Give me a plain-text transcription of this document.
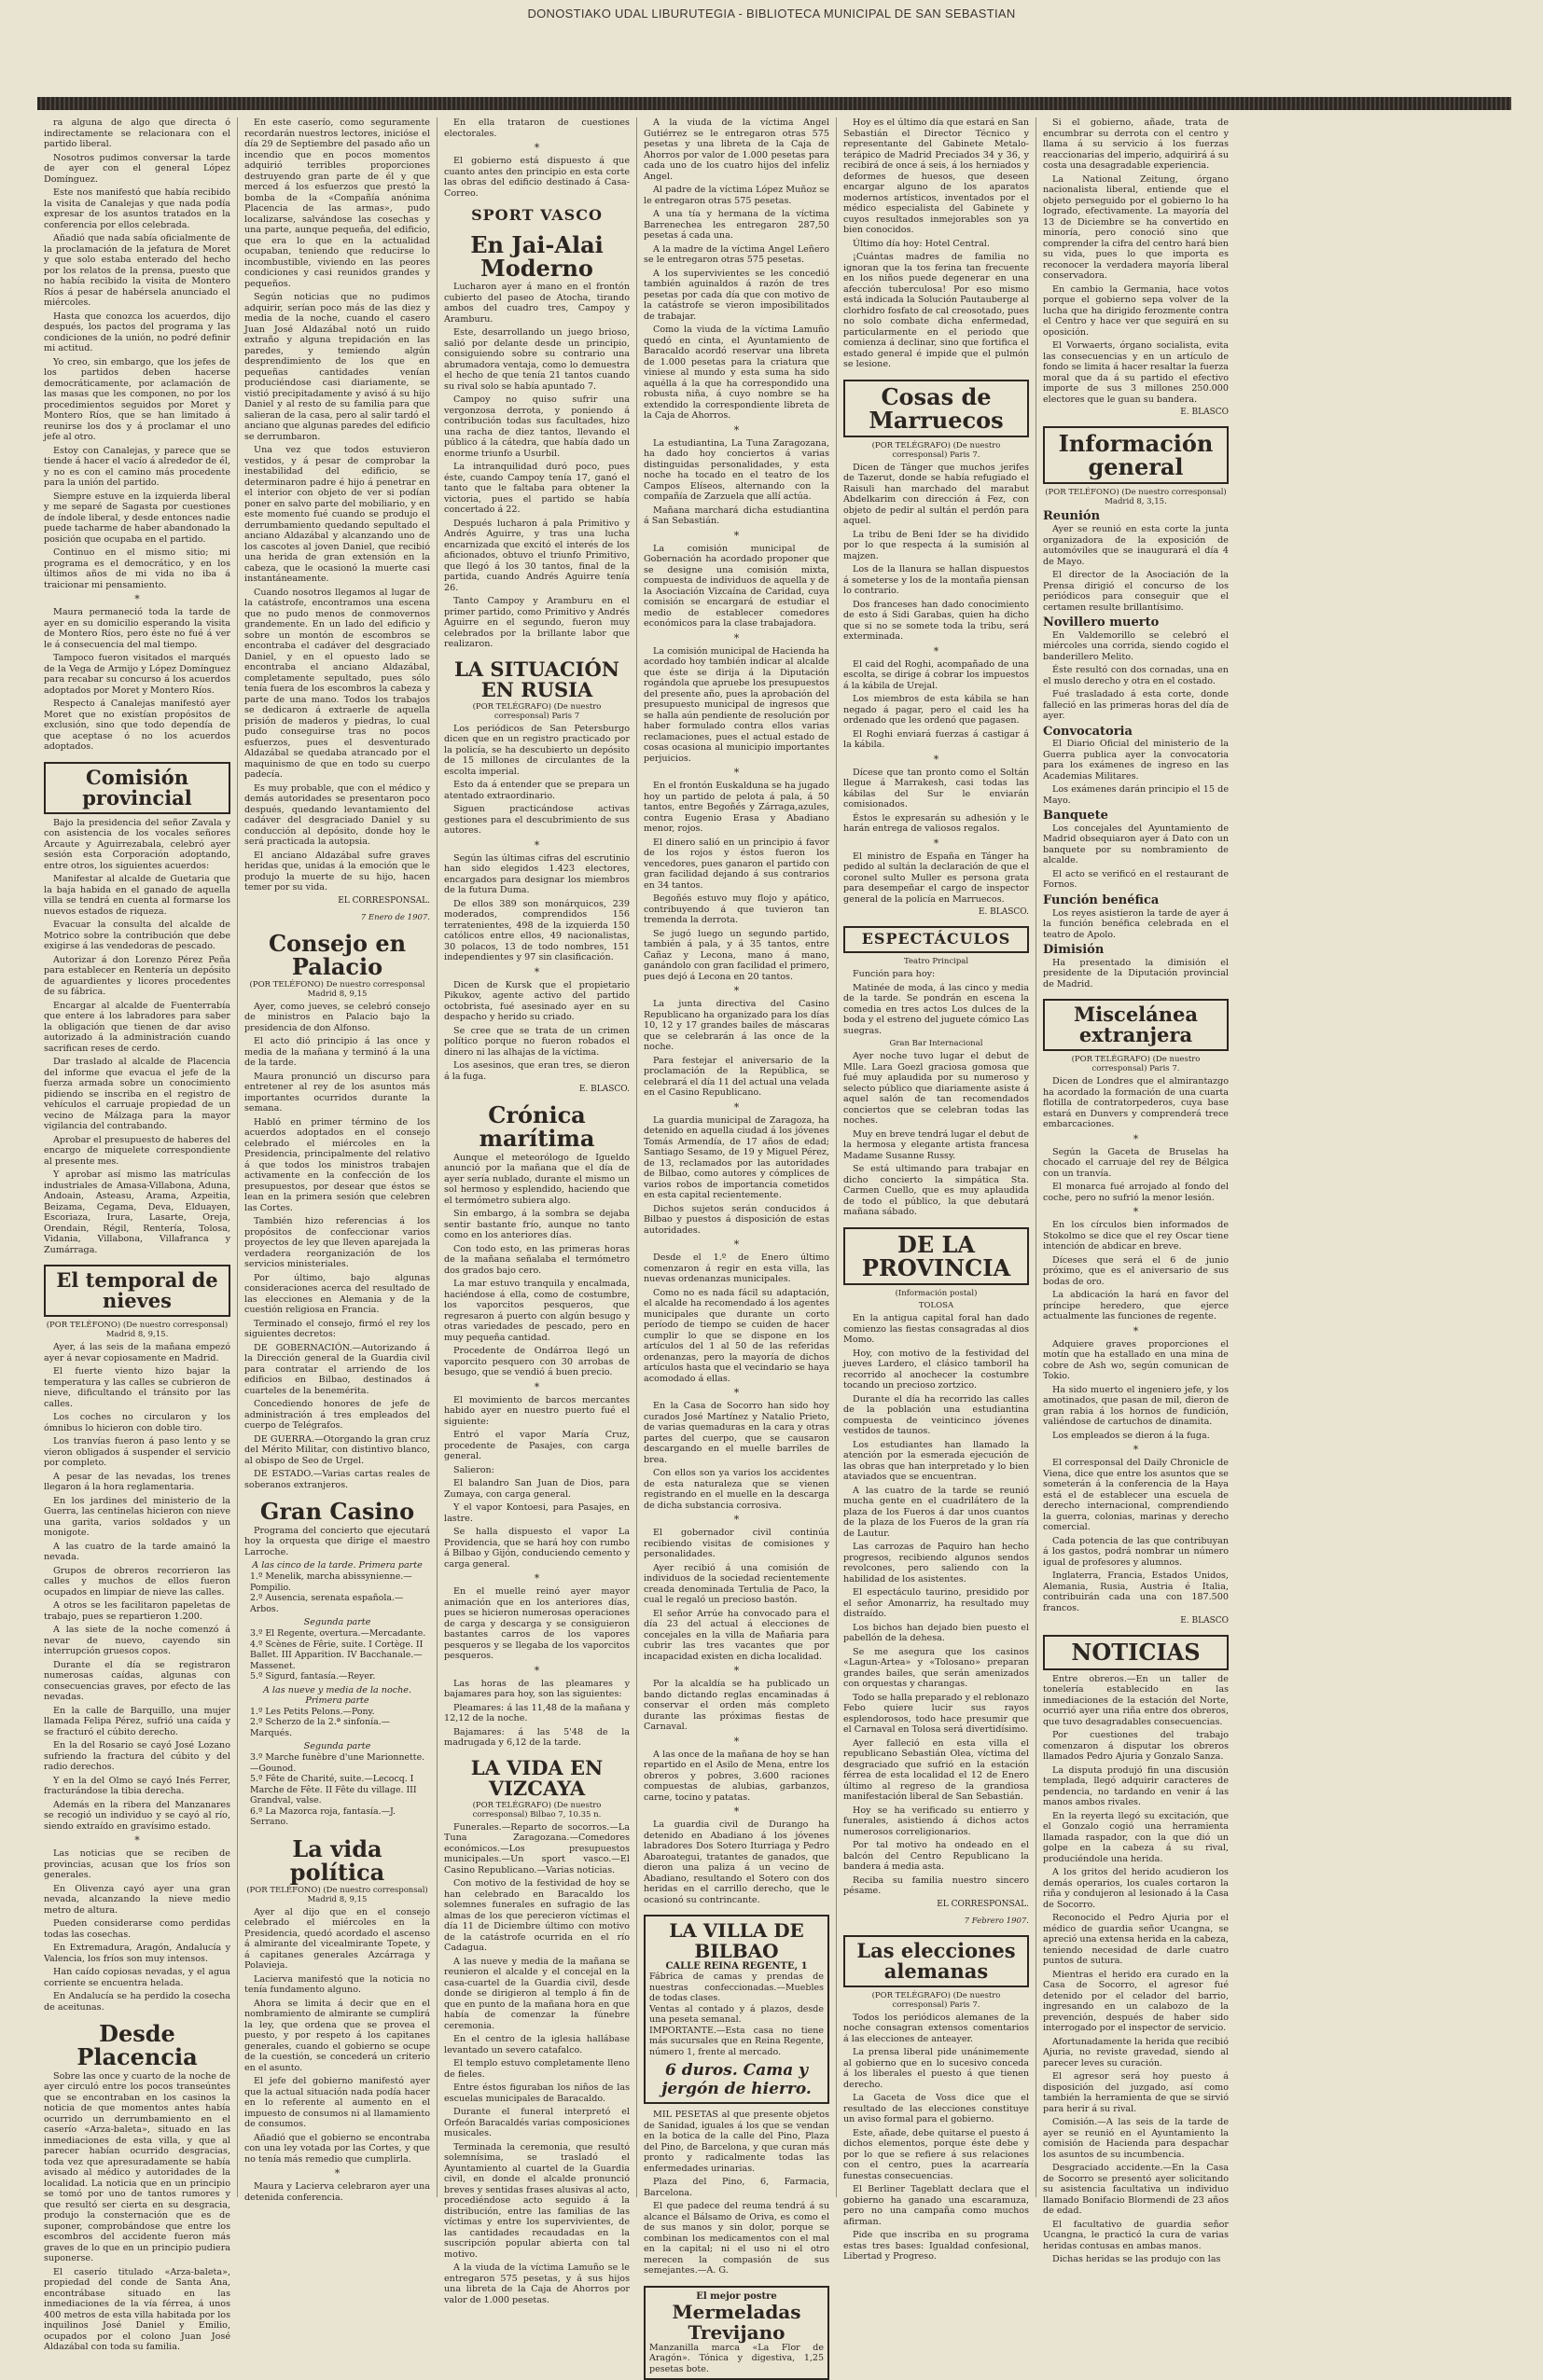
DONOSTIAKO UDAL LIBURUTEGIA - BIBLIOTECA MUNICIPAL DE SAN SEBASTIAN

ra alguna de algo que directa ó indirectamente se relacionara con el partido liberal.

Nosotros pudimos conversar la tarde de ayer con el general López Domínguez.

Este nos manifestó que había recibido la visita de Canalejas y que nada podía expresar de los asuntos tratados en la conferencia por ellos celebrada.

Añadió que nada sabía oficialmente de la proclamación de la jefatura de Moret y que solo estaba enterado del hecho por los relatos de la prensa, puesto que no había recibido la visita de Montero Ríos á pesar de habérsela anunciado el miércoles.

Hasta que conozca los acuerdos, dijo después, los pactos del programa y las condiciones de la unión, no podré definir mi actitud.

Yo creo, sin embargo, que los jefes de los partidos deben hacerse democráticamente, por aclamación de las masas que les componen, no por los procedimientos seguidos por Moret y Montero Ríos, que se han limitado á reunirse los dos y á proclamar el uno jefe al otro.

Estoy con Canalejas, y parece que se tiende á hacer el vacío á alrededor de él, y no es con el camino más procedente para la unión del partido.

Siempre estuve en la izquierda liberal y me separé de Sagasta por cuestiones de índole liberal, y desde entonces nadie puede tacharme de haber abandonado la posición que ocupaba en el partido.

Continuo en el mismo sitio; mi programa es el democrático, y en los últimos años de mi vida no iba á traicionar mi pensamiento.

*

Maura permaneció toda la tarde de ayer en su domicilio esperando la visita de Montero Ríos, pero éste no fué á ver le á consecuencia del mal tiempo.

Tampoco fueron visitados el marqués de la Vega de Armijo y López Domínguez para recabar su concurso á los acuerdos adoptados por Moret y Montero Ríos.

Respecto á Canalejas manifestó ayer Moret que no existían propósitos de exclusión, sino que todo dependía de que aceptase ó no los acuerdos adoptados.

Comisión provincial

Bajo la presidencia del señor Zavala y con asistencia de los vocales señores Arcaute y Aguirrezabala, celebró ayer sesión esta Corporación adoptando, entre otros, los siguientes acuerdos:

Manifestar al alcalde de Guetaria que la baja habida en el ganado de aquella villa se tendrá en cuenta al formarse los nuevos estados de riqueza.

Evacuar la consulta del alcalde de Motrico sobre la contribución que debe exigirse á las vendedoras de pescado.

Autorizar á don Lorenzo Pérez Peña para establecer en Rentería un depósito de aguardientes y licores procedentes de su fábrica.

Encargar al alcalde de Fuenterrabía que entere á los labradores para saber la obligación que tienen de dar aviso autorizado á la administración cuando sacrifican reses de cerdo.

Dar traslado al alcalde de Placencia del informe que evacua el jefe de la fuerza armada sobre un conocimiento pidiendo se inscriba en el registro de vehículos el carruaje propiedad de un vecino de Málzaga para la mayor vigilancia del contrabando.

Aprobar el presupuesto de haberes del encargo de miquelete correspondiente al presente mes.

Y aprobar así mismo las matrículas industriales de Amasa-Villabona, Aduna, Andoain, Asteasu, Arama, Azpeitia, Beizama, Cegama, Deva, Elduayen, Escoriaza, Irura, Lasarte, Oreja, Orendain, Régil, Rentería, Tolosa, Vidania, Villabona, Villafranca y Zumárraga.

El temporal de nieves
(POR TELÉFONO) (De nuestro corresponsal) Madrid 8, 9,15.

Ayer, á las seis de la mañana empezó ayer á nevar copiosamente en Madrid.

El fuerte viento hizo bajar la temperatura y las calles se cubrieron de nieve, dificultando el tránsito por las calles.

Los coches no circularon y los ómnibus lo hicieron con doble tiro.

Los tranvías fueron á paso lento y se vieron obligados á suspender el servicio por completo.

A pesar de las nevadas, los trenes llegaron á la hora reglamentaria.

En los jardines del ministerio de la Guerra, las centinelas hicieron con nieve una garita, varios soldados y un monigote.

A las cuatro de la tarde amainó la nevada.

Grupos de obreros recorrieron las calles y muchos de ellos fueron ocupados en limpiar de nieve las calles.

A otros se les facilitaron papeletas de trabajo, pues se repartieron 1.200.

A las siete de la noche comenzó á nevar de nuevo, cayendo sin interrupción gruesos copos.

Durante el día se registraron numerosas caídas, algunas con consecuencias graves, por efecto de las nevadas.

En la calle de Barquillo, una mujer llamada Felipa Pérez, sufrió una caída y se fracturó el cúbito derecho.

En la del Rosario se cayó José Lozano sufriendo la fractura del cúbito y del radio derechos.

Y en la del Olmo se cayó Inés Ferrer, fracturándose la tibia derecha.

Además en la ribera del Manzanares se recogió un individuo y se cayó al río, siendo extraído en gravísimo estado.

*

Las noticias que se reciben de provincias, acusan que los fríos son generales.

En Olivenza cayó ayer una gran nevada, alcanzando la nieve medio metro de altura.

Pueden considerarse como perdidas todas las cosechas.

En Extremadura, Aragón, Andalucía y Valencia, los fríos son muy intensos.

Han caído copiosas nevadas, y el agua corriente se encuentra helada.

En Andalucía se ha perdido la cosecha de aceitunas.

Desde Placencia

Sobre las once y cuarto de la noche de ayer circuló entre los pocos transeúntes que se encontraban en los casinos la noticia de que momentos antes había ocurrido un derrumbamiento en el caserío «Arza-baleta», situado en las inmediaciones de esta villa, y que al parecer habían ocurrido desgracias, toda vez que apresuradamente se había avisado al médico y autoridades de la localidad. La noticia que en un principio se tomó por uno de tantos rumores y que resultó ser cierta en su desgracia, produjo la consternación que es de suponer, comprobándose que entre los escombros del accidente fueron más graves de lo que en un principio pudiera suponerse.

El caserío titulado «Arza-baleta», propiedad del conde de Santa Ana, encontrábase situado en las inmediaciones de la vía férrea, á unos 400 metros de esta villa habitada por los inquilinos José Daniel y Emilio, ocupados por el colono Juan José Aldazábal con toda su familia.

En este caserío, como seguramente recordarán nuestros lectores, inicióse el día 29 de Septiembre del pasado año un incendio que en pocos momentos adquirió terribles proporciones destruyendo gran parte de él y que merced á los esfuerzos que prestó la bomba de la «Compañía anónima Placencia de las armas», pudo localizarse, salvándose las cosechas y una parte, aunque pequeña, del edificio, que era lo que en la actualidad ocupaban, teniendo que reducirse lo incombustible, viviendo en las peores condiciones y casi reunidos grandes y pequeños.

Según noticias que no pudimos adquirir, serían poco más de las diez y media de la noche, cuando el casero Juan José Aldazábal notó un ruido extraño y alguna trepidación en las paredes, y temiendo algún desprendimiento de los que en pequeñas cantidades venían produciéndose casi diariamente, se vistió precipitadamente y avisó á su hijo Daniel y al resto de su familia para que salieran de la casa, pero al salir tardó el anciano que algunas paredes del edificio se derrumbaron.

Una vez que todos estuvieron vestidos, y á pesar de comprobar la inestabilidad del edificio, se determinaron padre é hijo á penetrar en el interior con objeto de ver si podían poner en salvo parte del mobiliario, y en este momento fué cuando se produjo el derrumbamiento quedando sepultado el anciano Aldazábal y alcanzando uno de los cascotes al joven Daniel, que recibió una herida de gran extensión en la cabeza, que le ocasionó la muerte casi instantáneamente.

Cuando nosotros llegamos al lugar de la catástrofe, encontramos una escena que no pudo menos de conmovernos grandemente. En un lado del edificio y sobre un montón de escombros se encontraba el cadáver del desgraciado Daniel, y en el opuesto lado se encontraba el anciano Aldazábal, completamente sepultado, pues sólo tenía fuera de los escombros la cabeza y parte de una mano. Todos los trabajos se dedicaron á extraerle de aquella prisión de maderos y piedras, lo cual pudo conseguirse tras no pocos esfuerzos, pues el desventurado Aldazábal se quedaba atrancado por el maquinismo de que en todo su cuerpo padecía.

Es muy probable, que con el médico y demás autoridades se presentaron poco después, quedando levantamiento del cadáver del desgraciado Daniel y su conducción al depósito, donde hoy le será practicada la autopsia.

El anciano Aldazábal sufre graves heridas que, unidas á la emoción que le produjo la muerte de su hijo, hacen temer por su vida.

EL CORRESPONSAL.
7 Enero de 1907.
Consejo en Palacio
(POR TELÉFONO) De nuestro corresponsal Madrid 8, 9,15

Ayer, como jueves, se celebró consejo de ministros en Palacio bajo la presidencia de don Alfonso.

El acto dió principio á las once y media de la mañana y terminó á la una de la tarde.

Maura pronunció un discurso para entretener al rey de los asuntos más importantes ocurridos durante la semana.

Habló en primer término de los acuerdos adoptados en el consejo celebrado el miércoles en la Presidencia, principalmente del relativo á que todos los ministros trabajen activamente en la confección de los presupuestos, por desear que éstos se lean en la primera sesión que celebren las Cortes.

También hizo referencias á los propósitos de confeccionar varios proyectos de ley que lleven aparejada la verdadera reorganización de los servicios ministeriales.

Por último, bajo algunas consideraciones acerca del resultado de las elecciones en Alemania y de la cuestión religiosa en Francia.

Terminado el consejo, firmó el rey los siguientes decretos:

DE GOBERNACIÓN.—Autorizando á la Dirección general de la Guardia civil para contratar el arriendo de los edificios en Bilbao, destinados á cuarteles de la benemérita.

Concediendo honores de jefe de administración á tres empleados del cuerpo de Telégrafos.

DE GUERRA.—Otorgando la gran cruz del Mérito Militar, con distintivo blanco, al obispo de Seo de Urgel.

DE ESTADO.—Varias cartas reales de soberanos extranjeros.

Gran Casino

Programa del concierto que ejecutará hoy la orquesta que dirige el maestro Larroche.

A las cinco de la tarde. Primera parte
1.º Menelik, marcha abissynienne.—Pompilio.
2.º Ausencia, serenata española.—Arbos.
Segunda parte
3.º El Regente, overtura.—Mercadante.
4.º Scènes de Fêrie, suite. I Cortège. II Ballet. III Apparition. IV Bacchanale.—Massenet.
5.º Sigurd, fantasía.—Reyer.
A las nueve y media de la noche. Primera parte
1.º Les Petits Pelons.—Pony.
2.º Scherzo de la 2.ª sinfonía.—Marqués.
Segunda parte
3.º Marche funèbre d'une Marionnette.—Gounod.
5.º Fête de Charité, suite.—Lecocq. I Marche de Fête. II Fête du village. III Grandval, valse.
6.º La Mazorca roja, fantasía.—J. Serrano.
La vida política
(POR TELÉFONO) (De nuestro corresponsal) Madrid 8, 9,15

Ayer al dijo que en el consejo celebrado el miércoles en la Presidencia, quedó acordado el ascenso á almirante del vicealmirante Topete, y á capitanes generales Azcárraga y Polavieja.

Lacierva manifestó que la noticia no tenía fundamento alguno.

Ahora se limita á decir que en el nombramiento de almirante se cumplirá la ley, que ordena que se provea el puesto, y por respeto á los capitanes generales, cuando el gobierno se ocupe de la cuestión, se concederá un criterio en el asunto.

El jefe del gobierno manifestó ayer que la actual situación nada podía hacer en lo referente al aumento en el impuesto de consumos ni al llamamiento de consumos.

Añadió que el gobierno se encontraba con una ley votada por las Cortes, y que no tenía más remedio que cumplirla.

*

Maura y Lacierva celebraron ayer una detenida conferencia.

En ella trataron de cuestiones electorales.

*

El gobierno está dispuesto á que cuanto antes den principio en esta corte las obras del edificio destinado á Casa-Correo.

SPORT VASCO
En Jai-Alai Moderno

Lucharon ayer á mano en el frontón cubierto del paseo de Atocha, tirando ambos del cuadro tres, Campoy y Aramburu.

Este, desarrollando un juego brioso, salió por delante desde un principio, consiguiendo sobre su contrario una abrumadora ventaja, como lo demuestra el hecho de que tenía 21 tantos cuando su rival solo se había apuntado 7.

Campoy no quiso sufrir una vergonzosa derrota, y poniendo á contribución todas sus facultades, hizo una racha de diez tantos, llevando el público á la cátedra, que había dado un enorme triunfo a Usurbil.

La intranquilidad duró poco, pues éste, cuando Campoy tenía 17, ganó el tanto que le faltaba para obtener la victoria, pues el partido se había concertado á 22.

Después lucharon á pala Primitivo y Andrés Aguirre, y tras una lucha encarnizada que excitó el interés de los aficionados, obtuvo el triunfo Primitivo, que llegó á los 30 tantos, final de la partida, cuando Andrés Aguirre tenía 26.

Tanto Campoy y Aramburu en el primer partido, como Primitivo y Andrés Aguirre en el segundo, fueron muy celebrados por la brillante labor que realizaron.

LA SITUACIÓN EN RUSIA
(POR TELÉGRAFO) (De nuestro corresponsal) Paris 7

Los periódicos de San Petersburgo dicen que en un registro practicado por la policía, se ha descubierto un depósito de 15 millones de circulantes de la escolta imperial.

Esto da á entender que se prepara un atentado extraordinario.

Siguen practicándose activas gestiones para el descubrimiento de sus autores.

*

Según las últimas cifras del escrutinio han sido elegidos 1.423 electores, encargados para designar los miembros de la futura Duma.

De ellos 389 son monárquicos, 239 moderados, comprendidos 156 terratenientes, 498 de la izquierda 150 católicos entre ellos, 49 nacionalistas, 30 polacos, 13 de todo nombres, 151 independientes y 97 sin clasificación.

*

Dicen de Kursk que el propietario Pikukov, agente activo del partido octobrista, fué asesinado ayer en su despacho y herido su criado.

Se cree que se trata de un crimen político porque no fueron robados el dinero ni las alhajas de la víctima.

Los asesinos, que eran tres, se dieron á la fuga.

E. BLASCO.
Crónica marítima

Aunque el meteorólogo de Igueldo anunció por la mañana que el día de ayer sería nublado, durante el mismo un sol hermoso y esplendido, haciendo que el termómetro subiera algo.

Sin embargo, á la sombra se dejaba sentir bastante frío, aunque no tanto como en los anteriores días.

Con todo esto, en las primeras horas de la mañana señalaba el termómetro dos grados bajo cero.

La mar estuvo tranquila y encalmada, haciéndose á ella, como de costumbre, los vaporcitos pesqueros, que regresaron á puerto con algún besugo y otras variedades de pescado, pero en muy pequeña cantidad.

Procedente de Ondárroa llegó un vaporcito pesquero con 30 arrobas de besugo, que se vendió á buen precio.

*

El movimiento de barcos mercantes habido ayer en nuestro puerto fué el siguiente:

Entró el vapor María Cruz, procedente de Pasajes, con carga general.

Salieron:

El balandro San Juan de Dios, para Zumaya, con carga general.

Y el vapor Kontoesi, para Pasajes, en lastre.

Se halla dispuesto el vapor La Providencia, que se hará hoy con rumbo á Bilbao y Gijón, conduciendo cemento y carga general.

*

En el muelle reinó ayer mayor animación que en los anteriores días, pues se hicieron numerosas operaciones de carga y descarga y se consiguieron bastantes carros de los vapores pesqueros y se llegaba de los vaporcitos pesqueros.

*

Las horas de las pleamares y bajamares para hoy, son las siguientes:

Pleamares: á las 11,48 de la mañana y 12,12 de la noche.

Bajamares: á las 5'48 de la madrugada y 6,12 de la tarde.

LA VIDA EN VIZCAYA
(POR TELÉGRAFO) (De nuestro corresponsal) Bilbao 7, 10.35 n.

Funerales.—Reparto de socorros.—La Tuna Zaragozana.—Comedores económicos.—Los presupuestos municipales.—Un sport vasco.—El Casino Republicano.—Varias noticias.

Con motivo de la festividad de hoy se han celebrado en Baracaldo los solemnes funerales en sufragio de las almas de los que perecieron víctimas el día 11 de Diciembre último con motivo de la catástrofe ocurrida en el río Cadagua.

A las nueve y media de la mañana se reunieron el alcalde y el concejal en la casa-cuartel de la Guardia civil, desde donde se dirigieron al templo á fin de que en punto de la mañana hora en que había de comenzar la fúnebre ceremonia.

En el centro de la iglesia hallábase levantado un severo catafalco.

El templo estuvo completamente lleno de fieles.

Entre éstos figuraban los niños de las escuelas municipales de Baracaldo.

Durante el funeral interpretó el Orfeón Baracaldés varias composiciones musicales.

Terminada la ceremonia, que resultó solemnísima, se trasladó el Ayuntamiento al cuartel de la Guardia civil, en donde el alcalde pronunció breves y sentidas frases alusivas al acto, procediéndose acto seguido á la distribución, entre las familias de las víctimas y entre los supervivientes, de las cantidades recaudadas en la suscripción popular abierta con tal motivo.

A la viuda de la víctima Lamuño se le entregaron 575 pesetas, y á sus hijos una libreta de la Caja de Ahorros por valor de 1.000 pesetas.

A la viuda de la víctima Angel Gutiérrez se le entregaron otras 575 pesetas y una libreta de la Caja de Ahorros por valor de 1.000 pesetas para cada uno de los cuatro hijos del infeliz Angel.

Al padre de la víctima López Muñoz se le entregaron otras 575 pesetas.

A una tía y hermana de la víctima Barrenechea les entregaron 287,50 pesetas á cada una.

A la madre de la víctima Angel Leñero se le entregaron otras 575 pesetas.

A los supervivientes se les concedió también aguinaldos á razón de tres pesetas por cada día que con motivo de la catástrofe se vieron imposibilitados de trabajar.

Como la viuda de la víctima Lamuño quedó en cinta, el Ayuntamiento de Baracaldo acordó reservar una libreta de 1.000 pesetas para la criatura que viniese al mundo y esta suma ha sido aquélla á la que ha correspondido una robusta niña, á cuyo nombre se ha extendido la correspondiente libreta de la Caja de Ahorros.

*

La estudiantina, La Tuna Zaragozana, ha dado hoy conciertos á varias distinguidas personalidades, y esta noche ha tocado en el teatro de los Campos Elíseos, alternando con la compañía de Zarzuela que allí actúa.

Mañana marchará dicha estudiantina á San Sebastián.

*

La comisión municipal de Gobernación ha acordado proponer que se designe una comisión mixta, compuesta de individuos de aquella y de la Asociación Vizcaína de Caridad, cuya comisión se encargará de estudiar el medio de establecer comedores económicos para la clase trabajadora.

*

La comisión municipal de Hacienda ha acordado hoy también indicar al alcalde que éste se dirija á la Diputación rogándola que apruebe los presupuestos del presente año, pues la aprobación del presupuesto municipal de ingresos que se halla aún pendiente de resolución por haber formulado contra ellos varias reclamaciones, pues el actual estado de cosas ocasiona al municipio importantes perjuicios.

*

En el frontón Euskalduna se ha jugado hoy un partido de pelota á pala, á 50 tantos, entre Begoñés y Zárraga,azules, contra Eugenio Erasa y Abadiano menor, rojos.

El dinero salió en un principio á favor de los rojos y éstos fueron los vencedores, pues ganaron el partido con gran facilidad dejando á sus contrarios en 34 tantos.

Begoñés estuvo muy flojo y apático, contribuyendo á que tuvieron tan tremenda la derrota.

Se jugó luego un segundo partido, también á pala, y á 35 tantos, entre Cañaz y Lecona, mano á mano, ganándolo con gran facilidad el primero, pues dejó á Lecona en 20 tantos.

*

La junta directiva del Casino Republicano ha organizado para los días 10, 12 y 17 grandes bailes de máscaras que se celebrarán á las once de la noche.

Para festejar el aniversario de la proclamación de la República, se celebrará el día 11 del actual una velada en el Casino Republicano.

*

La guardia municipal de Zaragoza, ha detenido en aquella ciudad á los jóvenes Tomás Armendía, de 17 años de edad; Santiago Sesamo, de 19 y Miguel Pérez, de 13, reclamados por las autoridades de Bilbao, como autores y cómplices de varios robos de importancia cometidos en esta capital recientemente.

Dichos sujetos serán conducidos á Bilbao y puestos á disposición de estas autoridades.

*

Desde el 1.º de Enero último comenzaron á regir en esta villa, las nuevas ordenanzas municipales.

Como no es nada fácil su adaptación, el alcalde ha recomendado á los agentes municipales que durante un corto período de tiempo se cuiden de hacer cumplir lo que se dispone en los artículos del 1 al 50 de las referidas ordenanzas, pero la mayoría de dichos artículos hasta que el vecindario se haya acomodado á ellas.

*

En la Casa de Socorro han sido hoy curados José Martínez y Natalio Prieto, de varias quemaduras en la cara y otras partes del cuerpo, que se causaron descargando en el muelle barriles de brea.

Con ellos son ya varios los accidentes de esta naturaleza que se vienen registrando en el muelle en la descarga de dicha substancia corrosiva.

*

El gobernador civil continúa recibiendo visitas de comisiones y personalidades.

Ayer recibió á una comisión de individuos de la sociedad recientemente creada denominada Tertulia de Paco, la cual le regaló un precioso bastón.

El señor Arrúe ha convocado para el día 23 del actual á elecciones de concejales en la villa de Mañaria para cubrir las tres vacantes que por incapacidad existen en dicha localidad.

*

Por la alcaldía se ha publicado un bando dictando reglas encaminadas á conservar el orden más completo durante las próximas fiestas de Carnaval.

*

A las once de la mañana de hoy se han repartido en el Asilo de Mena, entre los obreros y pobres, 3.600 raciones compuestas de alubias, garbanzos, carne, tocino y patatas.

*

La guardia civil de Durango ha detenido en Abadiano á los jóvenes labradores Dos Sotero Iturriaga y Pedro Abaroategui, tratantes de ganados, que dieron una paliza á un vecino de Abadiano, resultando el Sotero con dos heridas en el carrillo derecho, que le ocasionó su contrincante.

LA VILLA DE BILBAO
CALLE REINA REGENTE, 1
Fábrica de camas y prendas de nuestras confeccionadas.—Muebles de todas clases.
Ventas al contado y á plazos, desde una peseta semanal.
IMPORTANTE.—Esta casa no tiene más sucursales que en Reina Regente, número 1, frente al mercado.
6 duros. Cama y jergón de hierro.

MIL PESETAS al que presente objetos de Sanidad, iguales á los que se vendan en la botica de la calle del Pino, Plaza del Pino, de Barcelona, y que curan más pronto y radicalmente todas las enfermedades urinarias.

Plaza del Pino, 6, Farmacia, Barcelona.

El que padece del reuma tendrá á su alcance el Bálsamo de Oriva, es como el de sus manos y sin dolor, porque se combinan los medicamentos con el mal en la capital; ni el uso ni el otro merecen la compasión de sus semejantes.—A. G.

El mejor postre
Mermeladas Trevijano
Manzanilla marca «La Flor de Aragón». Tónica y digestiva, 1,25 pesetas bote.

Hoy es el último día que estará en San Sebastián el Director Técnico y representante del Gabinete Metalo-terápico de Madrid Preciados 34 y 36, y recibirá de once á seis, á los herniados y deformes de huesos, que deseen encargar alguno de los aparatos modernos artísticos, inventados por el médico especialista del Gabinete y cuyos resultados inmejorables son ya bien conocidos.

Último día hoy: Hotel Central.

¡Cuántas madres de familia no ignoran que la tos ferina tan frecuente en los niños puede degenerar en una afección tuberculosa! Por eso mismo está indicada la Solución Pautauberge al clorhidro fosfato de cal creosotado, pues no solo combate dicha enfermedad, particularmente en el periodo que comienza á declinar, sino que fortifica el estado general é impide que el pulmón se lesione.

Cosas de Marruecos
(POR TELÉGRAFO) (De nuestro corresponsal) Paris 7.

Dicen de Tánger que muchos jerifes de Tazerut, donde se había refugiado el Raisuli han marchado del marabut Abdelkarim con dirección á Fez, con objeto de pedir al sultán el perdón para aquel.

La tribu de Beni Ider se ha dividido por lo que respecta á la sumisión al majzen.

Los de la llanura se hallan dispuestos á someterse y los de la montaña piensan lo contrario.

Dos franceses han dado conocimiento de esto á Sidi Garabas, quien ha dicho que si no se somete toda la tribu, será exterminada.

*

El caid del Roghi, acompañado de una escolta, se dirige á cobrar los impuestos á la kábila de Urejal.

Los miembros de esta kábila se han negado á pagar, pero el caid les ha ordenado que les ordenó que pagasen.

El Roghi enviará fuerzas á castigar á la kábila.

*

Dícese que tan pronto como el Soltán llegue á Marrakesh, casi todas las kábilas del Sur le enviarán comisionados.

Éstos le expresarán su adhesión y le harán entrega de valiosos regalos.

*

El ministro de España en Tánger ha pedido al sultán la declaración de que el coronel sulto Muller es persona grata para desempeñar el cargo de inspector general de la policía en Marruecos.

E. BLASCO.
ESPECTÁCULOS
Teatro Principal

Función para hoy:

Matinée de moda, á las cinco y media de la tarde. Se pondrán en escena la comedia en tres actos Los dulces de la boda y el estreno del juguete cómico Las suegras.

Gran Bar Internacional

Ayer noche tuvo lugar el debut de Mlle. Lara Goezl graciosa gomosa que fué muy aplaudida por su numeroso y selecto público que diariamente asiste á aquel salón de tan recomendados conciertos que se celebran todas las noches.

Muy en breve tendrá lugar el debut de la hermosa y elegante artista francesa Madame Susanne Russy.

Se está ultimando para trabajar en dicho concierto la simpática Sta. Carmen Cuello, que es muy aplaudida de todo el público, la que debutará mañana sábado.

DE LA PROVINCIA
(Información postal)
TOLOSA

En la antigua capital foral han dado comienzo las fiestas consagradas al dios Momo.

Hoy, con motivo de la festividad del jueves Lardero, el clásico tamboril ha recorrido al anochecer la costumbre tocando un precioso zortzico.

Durante el día ha recorrido las calles de la población una estudiantina compuesta de veinticinco jóvenes vestidos de taunos.

Los estudiantes han llamado la atención por la esmerada ejecución de las obras que han interpretado y lo bien ataviados que se encuentran.

A las cuatro de la tarde se reunió mucha gente en el cuadrilátero de la plaza de los Fueros á dar unos cuantos de la plaza de los Fueros de la gran ría de Lautur.

Las carrozas de Paquiro han hecho progresos, recibiendo algunos sendos revolcones, pero saliendo con la habilidad de los asistentes.

El espectáculo taurino, presidido por el señor Amonarriz, ha resultado muy distraído.

Los bichos han dejado bien puesto el pabellón de la dehesa.

Se me asegura que los casinos «Lagun-Artea» y «Tolosano» preparan grandes bailes, que serán amenizados con orquestas y charangas.

Todo se halla preparado y el reblonazo Febo quiere lucir sus rayos esplendorosos, todo hace presumir que el Carnaval en Tolosa será divertidísimo.

Ayer falleció en esta villa el republicano Sebastián Olea, víctima del desgraciado que sufrió en la estación férrea de esta localidad el 12 de Enero último al regreso de la grandiosa manifestación liberal de San Sebastián.

Hoy se ha verificado su entierro y funerales, asistiendo á dichos actos numerosos correligionarios.

Por tal motivo ha ondeado en el balcón del Centro Republicano la bandera á media asta.

Reciba su familia nuestro sincero pésame.

EL CORRESPONSAL.
7 Febrero 1907.
Las elecciones alemanas
(POR TELÉGRAFO) (De nuestro corresponsal) Paris 7.

Todos los periódicos alemanes de la noche consagran extensos comentarios á las elecciones de anteayer.

La prensa liberal pide unánimemente al gobierno que en lo sucesivo conceda á los liberales el puesto á que tienen derecho.

La Gaceta de Voss dice que el resultado de las elecciones constituye un aviso formal para el gobierno.

Este, añade, debe quitarse el puesto á dichos elementos, porque éste debe y por lo que se refiere á sus relaciones con el centro, pues la acarrearía funestas consecuencias.

El Berliner Tageblatt declara que el gobierno ha ganado una escaramuza, pero no una campaña como muchos afirman.

Pide que inscriba en su programa estas tres bases: Igualdad confesional, Libertad y Progreso.

Si el gobierno, añade, trata de encumbrar su derrota con el centro y llama á su servicio á los fuerzas reaccionarias del imperio, adquirirá á su costa una desagradable experiencia.

La National Zeitung, órgano nacionalista liberal, entiende que el objeto perseguido por el gobierno lo ha logrado, efectivamente. La mayoría del 13 de Diciembre se ha convertido en minoría, pero conoció sino que comprender la cifra del centro hará bien su vida, pues lo que importa es reconocer la verdadera mayoría liberal conservadora.

En cambio la Germania, hace votos porque el gobierno sepa volver de la lucha que ha dirigido ferozmente contra el Centro y hace ver que seguirá en su oposición.

El Vorwaerts, órgano socialista, evita las consecuencias y en un artículo de fondo se limita á hacer resaltar la fuerza moral que da á su partido el efectivo importe de sus 3 millones 250.000 electores que le guan su bandera.

E. BLASCO
Información general
(POR TELÉFONO) (De nuestro corresponsal) Madrid 8, 3,15.
Reunión

Ayer se reunió en esta corte la junta organizadora de la exposición de automóviles que se inaugurará el día 4 de Mayo.

El director de la Asociación de la Prensa dirigió el concurso de los periódicos para conseguir que el certamen resulte brillantísimo.

Novillero muerto

En Valdemorillo se celebró el miércoles una corrida, siendo cogido el banderillero Melito.

Éste resultó con dos cornadas, una en el muslo derecho y otra en el costado.

Fué trasladado á esta corte, donde falleció en las primeras horas del día de ayer.

Convocatoria

El Diario Oficial del ministerio de la Guerra publica ayer la convocatoria para los exámenes de ingreso en las Academias Militares.

Los exámenes darán principio el 15 de Mayo.

Banquete

Los concejales del Ayuntamiento de Madrid obsequiaron ayer á Dato con un banquete por su nombramiento de alcalde.

El acto se verificó en el restaurant de Fornos.

Función benéfica

Los reyes asistieron la tarde de ayer á la función benéfica celebrada en el teatro de Apolo.

Dimisión

Ha presentado la dimisión el presidente de la Diputación provincial de Madrid.

Miscelánea extranjera
(POR TELÉGRAFO) (De nuestro corresponsal) Paris 7.

Dicen de Londres que el almirantazgo ha acordado la formación de una cuarta flotilla de contratorpederos, cuya base estará en Dunvers y comprenderá trece embarcaciones.

*

Según la Gaceta de Bruselas ha chocado el carruaje del rey de Bélgica con un tranvía.

El monarca fué arrojado al fondo del coche, pero no sufrió la menor lesión.

*

En los círculos bien informados de Stokolmo se dice que el rey Oscar tiene intención de abdicar en breve.

Díceses que será el 6 de junio próximo, que es el aniversario de sus bodas de oro.

La abdicación la hará en favor del príncipe heredero, que ejerce actualmente las funciones de regente.

*

Adquiere graves proporciones el motín que ha estallado en una mina de cobre de Ash wo, según comunican de Tokio.

Ha sido muerto el ingeniero jefe, y los amotinados, que pasan de mil, dieron de gran rabia á los hornos de fundición, valiéndose de cartuchos de dinamita.

Los empleados se dieron á la fuga.

*

El corresponsal del Daily Chronicle de Viena, dice que entre los asuntos que se someterán á la conferencia de la Haya está el de establecer una escuela de derecho internacional, comprendiendo la guerra, colonias, marinas y derecho comercial.

Cada potencia de las que contribuyan á los gastos, podrá nombrar un número igual de profesores y alumnos.

Inglaterra, Francia, Estados Unidos, Alemania, Rusia, Austria é Italia, contribuirán cada una con 187.500 francos.

E. BLASCO
NOTICIAS

Entre obreros.—En un taller de tonelería establecido en las inmediaciones de la estación del Norte, ocurrió ayer una riña entre dos obreros, que tuvo desagradables consecuencias.

Por cuestiones del trabajo comenzaron á disputar los obreros llamados Pedro Ajuria y Gonzalo Sanza.

La disputa produjó fin una discusión templada, llegó adquirir caracteres de pendencia, no tardando en venir á las manos ambos rivales.

En la reyerta llegó su excitación, que el Gonzalo cogió una herramienta llamada raspador, con la que dió un golpe en la cabeza á su rival, produciéndole una herida.

A los gritos del herido acudieron los demás operarios, los cuales cortaron la riña y condujeron al lesionado á la Casa de Socorro.

Reconocido el Pedro Ajuria por el médico de guardia señor Ucangna, se apreció una extensa herida en la cabeza, teniendo necesidad de darle cuatro puntos de sutura.

Mientras el herido era curado en la Casa de Socorro, el agresor fué detenido por el celador del barrio, ingresando en un calabozo de la prevención, después de haber sido interrogado por el inspector de servicio.

Afortunadamente la herida que recibió Ajuria, no reviste gravedad, siendo al parecer leves su curación.

El agresor será hoy puesto á disposición del juzgado, así como también la herramienta de que se sirvió para herir á su rival.

Comisión.—A las seis de la tarde de ayer se reunió en el Ayuntamiento la comisión de Hacienda para despachar los asuntos de su incumbencia.

Desgraciado accidente.—En la Casa de Socorro se presentó ayer solicitando su asistencia facultativa un individuo llamado Bonifacio Blormendi de 23 años de edad.

El facultativo de guardia señor Ucangna, le practicó la cura de varias heridas contusas en ambas manos.

Dichas heridas se las produjo con las
